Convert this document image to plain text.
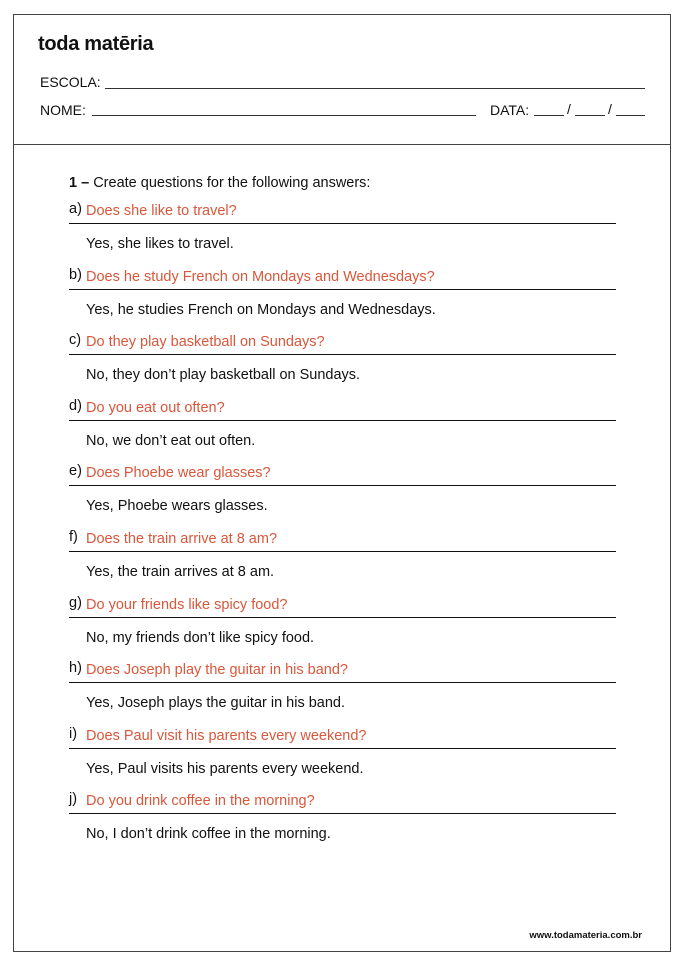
toda matēria
ESCOLA:
NOME:	DATA:	/	/
1 – Create questions for the following answers:
a) Does she like to travel?
Yes, she likes to travel.
b) Does he study French on Mondays and Wednesdays?
Yes, he studies French on Mondays and Wednesdays.
c) Do they play basketball on Sundays?
No, they don’t play basketball on Sundays.
d) Do you eat out often?
No, we don’t eat out often.
e) Does Phoebe wear glasses?
Yes, Phoebe wears glasses.
f) Does the train arrive at 8 am?
Yes, the train arrives at 8 am.
g) Do your friends like spicy food?
No, my friends don’t like spicy food.
h) Does Joseph play the guitar in his band?
Yes, Joseph plays the guitar in his band.
i) Does Paul visit his parents every weekend?
Yes, Paul visits his parents every weekend.
j) Do you drink coffee in the morning?
No, I don’t drink coffee in the morning.
www.todamateria.com.br
